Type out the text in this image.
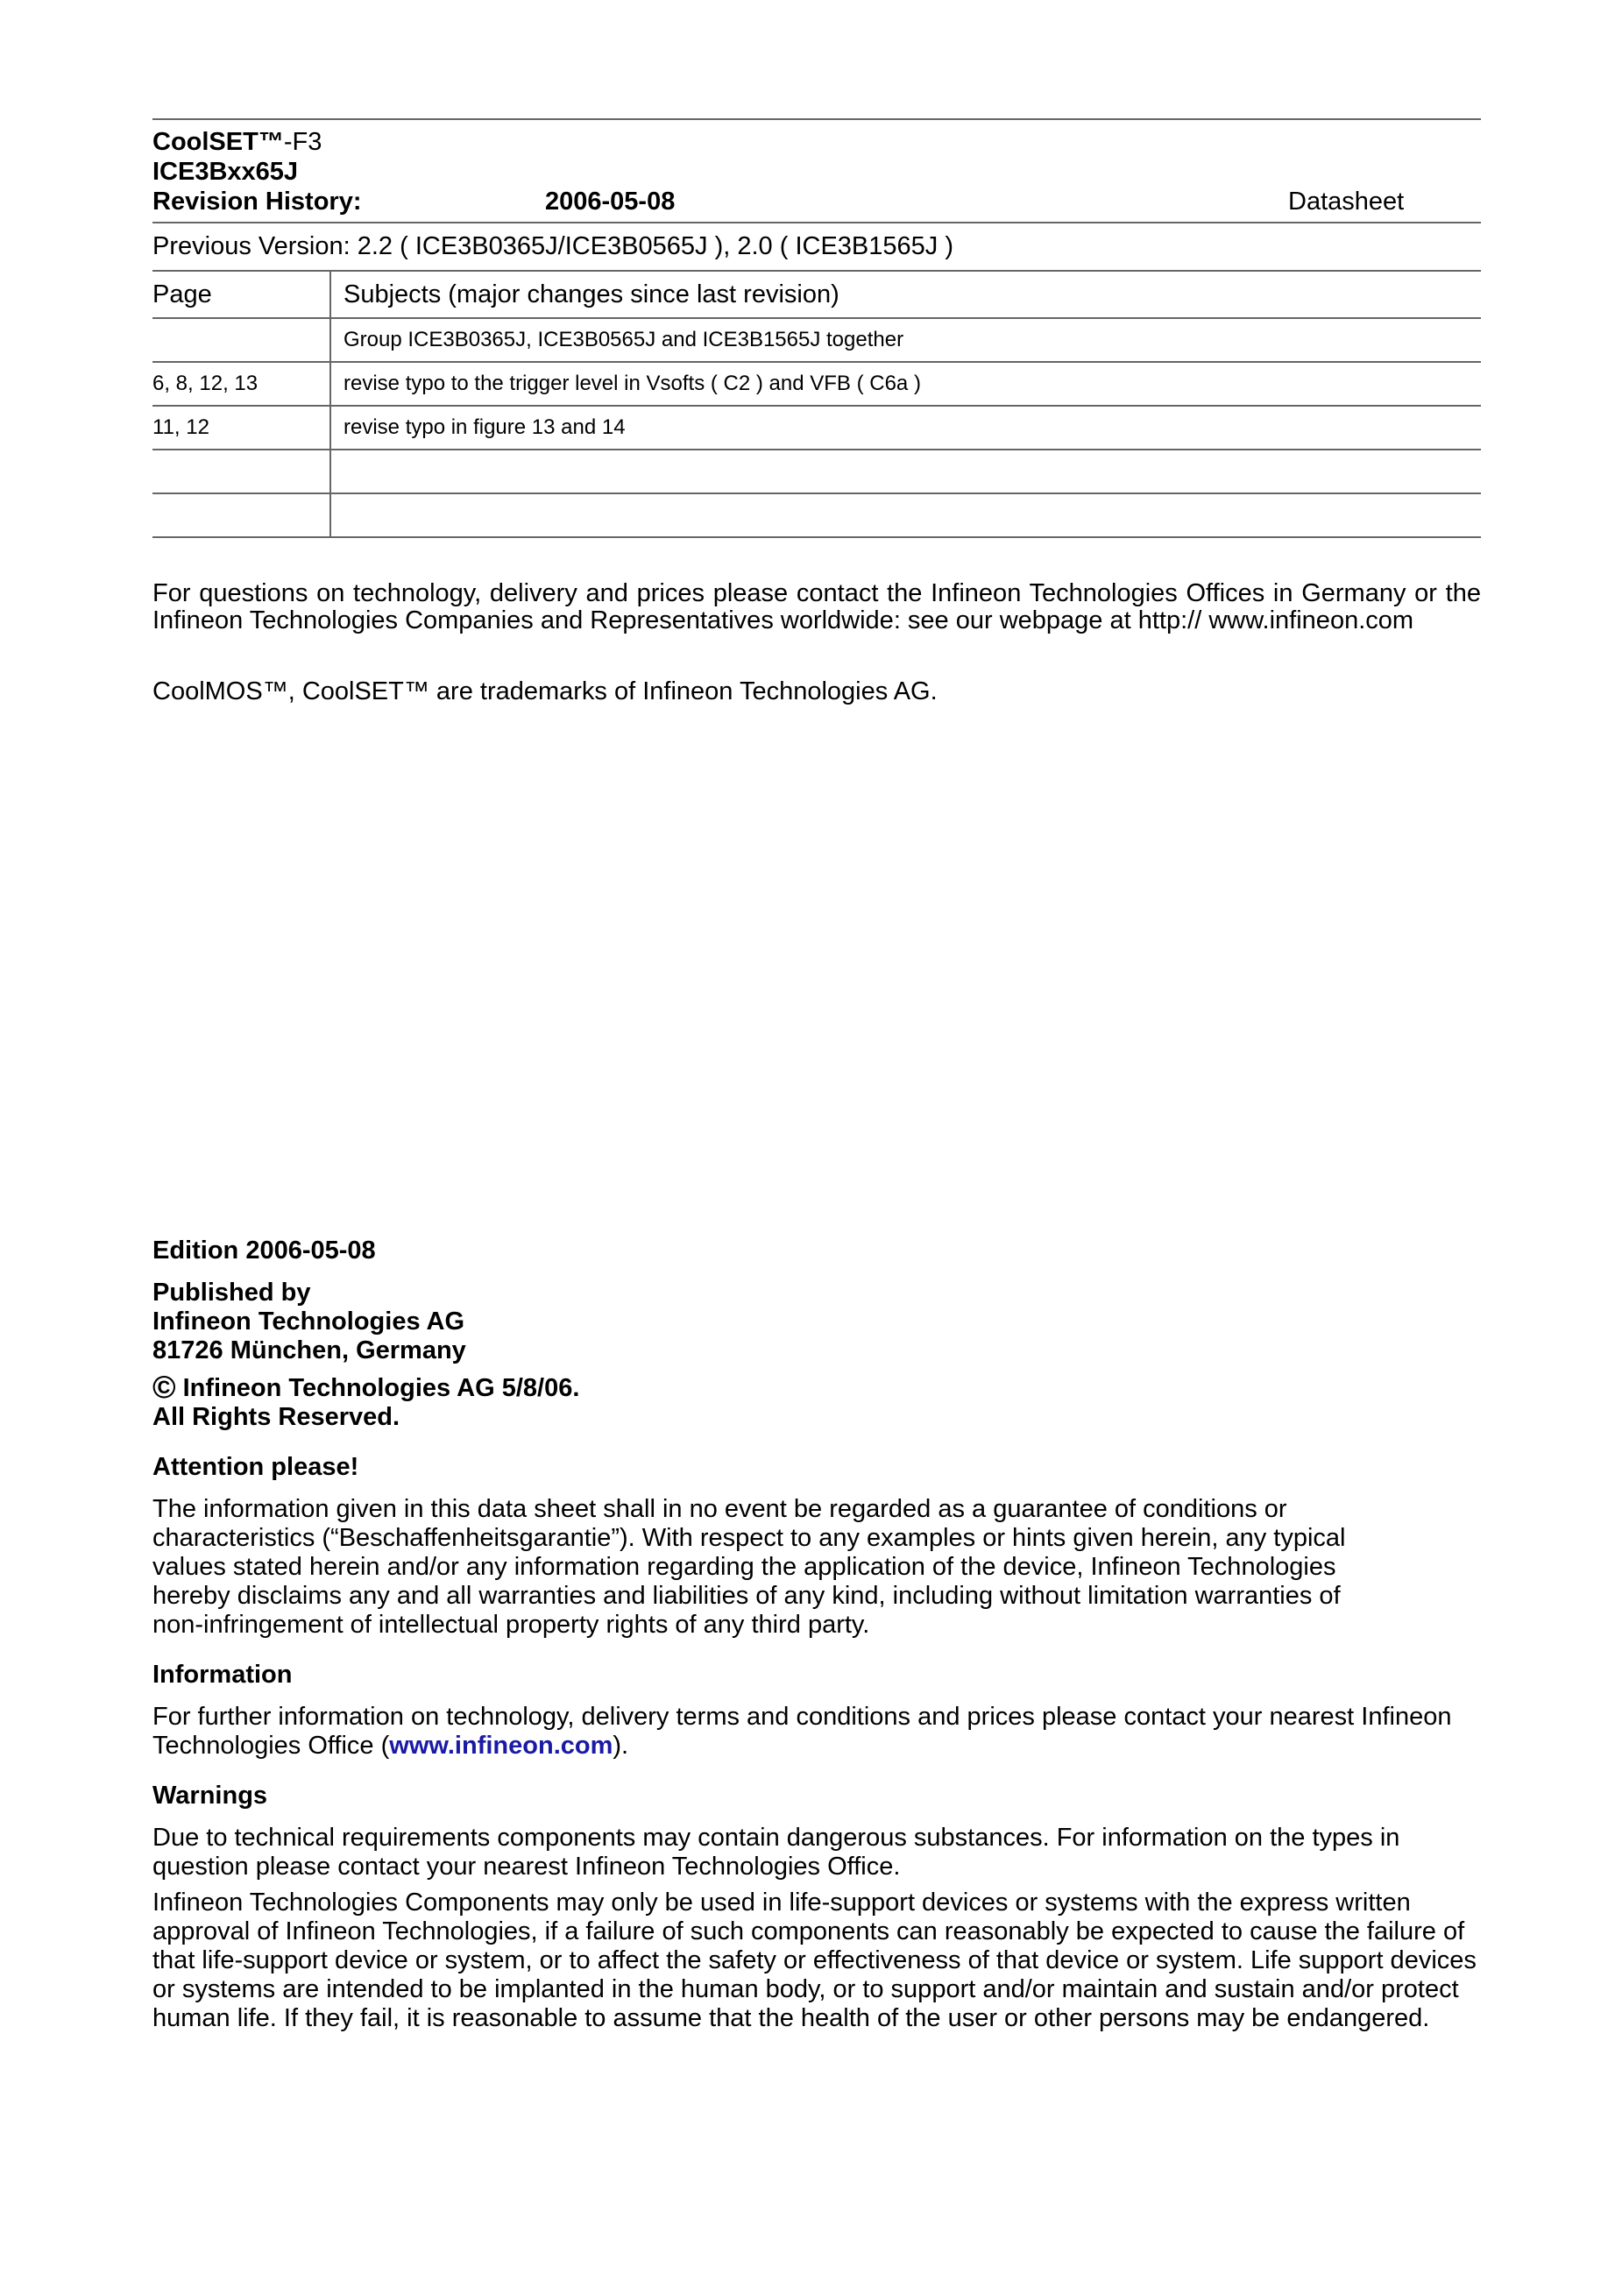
CoolSET™-F3
ICE3Bxx65J
Revision History:	2006-05-08	Datasheet
Previous Version: 2.2 ( ICE3B0365J/ICE3B0565J ), 2.0 ( ICE3B1565J )
Page	Subjects (major changes since last revision)
	Group ICE3B0365J, ICE3B0565J and ICE3B1565J together
6, 8, 12, 13	revise typo to the trigger level in Vsofts ( C2 ) and VFB ( C6a )
11, 12	revise typo in figure 13 and 14

For questions on technology, delivery and prices please contact the Infineon Technologies Offices in Germany or the Infineon Technologies Companies and Representatives worldwide: see our webpage at http:// www.infineon.com

CoolMOS™, CoolSET™ are trademarks of Infineon Technologies AG.

Edition 2006-05-08

Published by

Infineon Technologies AG

81726 München, Germany

© Infineon Technologies AG 5/8/06.

All Rights Reserved.

Attention please!

The information given in this data sheet shall in no event be regarded as a guarantee of conditions or characteristics (“Beschaffenheitsgarantie”). With respect to any examples or hints given herein, any typical values stated herein and/or any information regarding the application of the device, Infineon Technologies hereby disclaims any and all warranties and liabilities of any kind, including without limitation warranties of non-infringement of intellectual property rights of any third party.

Information

For further information on technology, delivery terms and conditions and prices please contact your nearest Infineon Technologies Office (www.infineon.com).

Warnings

Due to technical requirements components may contain dangerous substances. For information on the types in question please contact your nearest Infineon Technologies Office.

Infineon Technologies Components may only be used in life-support devices or systems with the express written approval of Infineon Technologies, if a failure of such components can reasonably be expected to cause the failure of that life-support device or system, or to affect the safety or effectiveness of that device or system. Life support devices or systems are intended to be implanted in the human body, or to support and/or maintain and sustain and/or protect human life. If they fail, it is reasonable to assume that the health of the user or other persons may be endangered.
